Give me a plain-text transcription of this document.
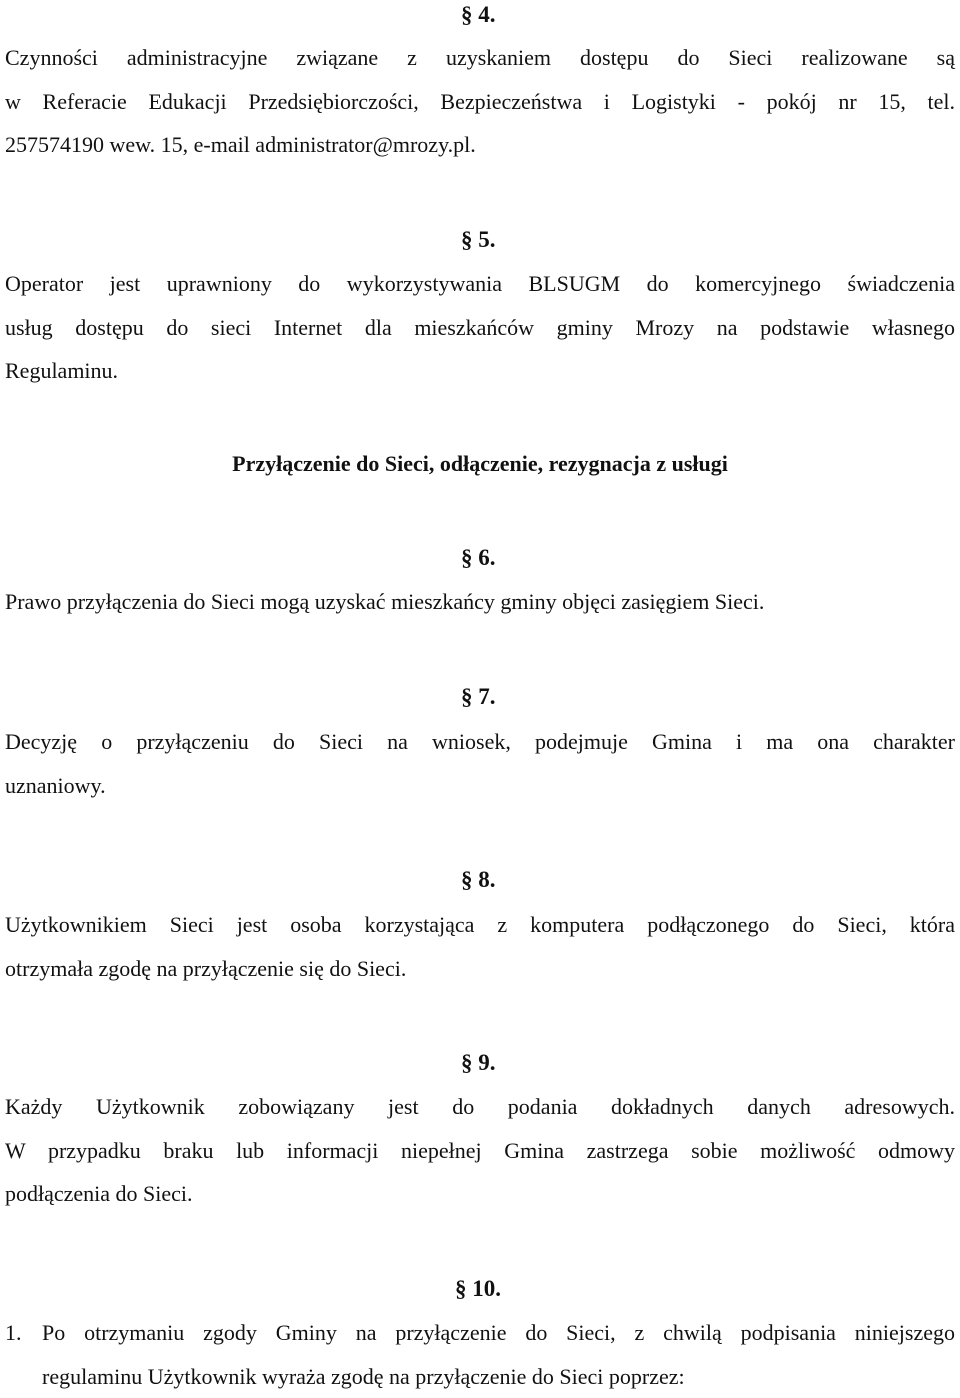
§ 4.
Czynności administracyjne związane z uzyskaniem dostępu do Sieci realizowane są
w Referacie Edukacji Przedsiębiorczości, Bezpieczeństwa i Logistyki - pokój nr 15, tel.
257574190 wew. 15, e-mail administrator@mrozy.pl.
§ 5.
Operator jest uprawniony do wykorzystywania BLSUGM do komercyjnego świadczenia
usług dostępu do sieci Internet dla mieszkańców gminy Mrozy na podstawie własnego
Regulaminu.
Przyłączenie do Sieci, odłączenie, rezygnacja z usługi
§ 6.
Prawo przyłączenia do Sieci mogą uzyskać mieszkańcy gminy objęci zasięgiem Sieci.
§ 7.
Decyzję o przyłączeniu do Sieci na wniosek, podejmuje Gmina i ma ona charakter
uznaniowy.
§ 8.
Użytkownikiem Sieci jest osoba korzystająca z komputera podłączonego do Sieci, która
otrzymała zgodę na przyłączenie się do Sieci.
§ 9.
Każdy Użytkownik zobowiązany jest do podania dokładnych danych adresowych.
W przypadku braku lub informacji niepełnej Gmina zastrzega sobie możliwość odmowy
podłączenia do Sieci.
§ 10.
1. Po otrzymaniu zgody Gminy na przyłączenie do Sieci, z chwilą podpisania niniejszego
regulaminu Użytkownik wyraża zgodę na przyłączenie do Sieci poprzez:
